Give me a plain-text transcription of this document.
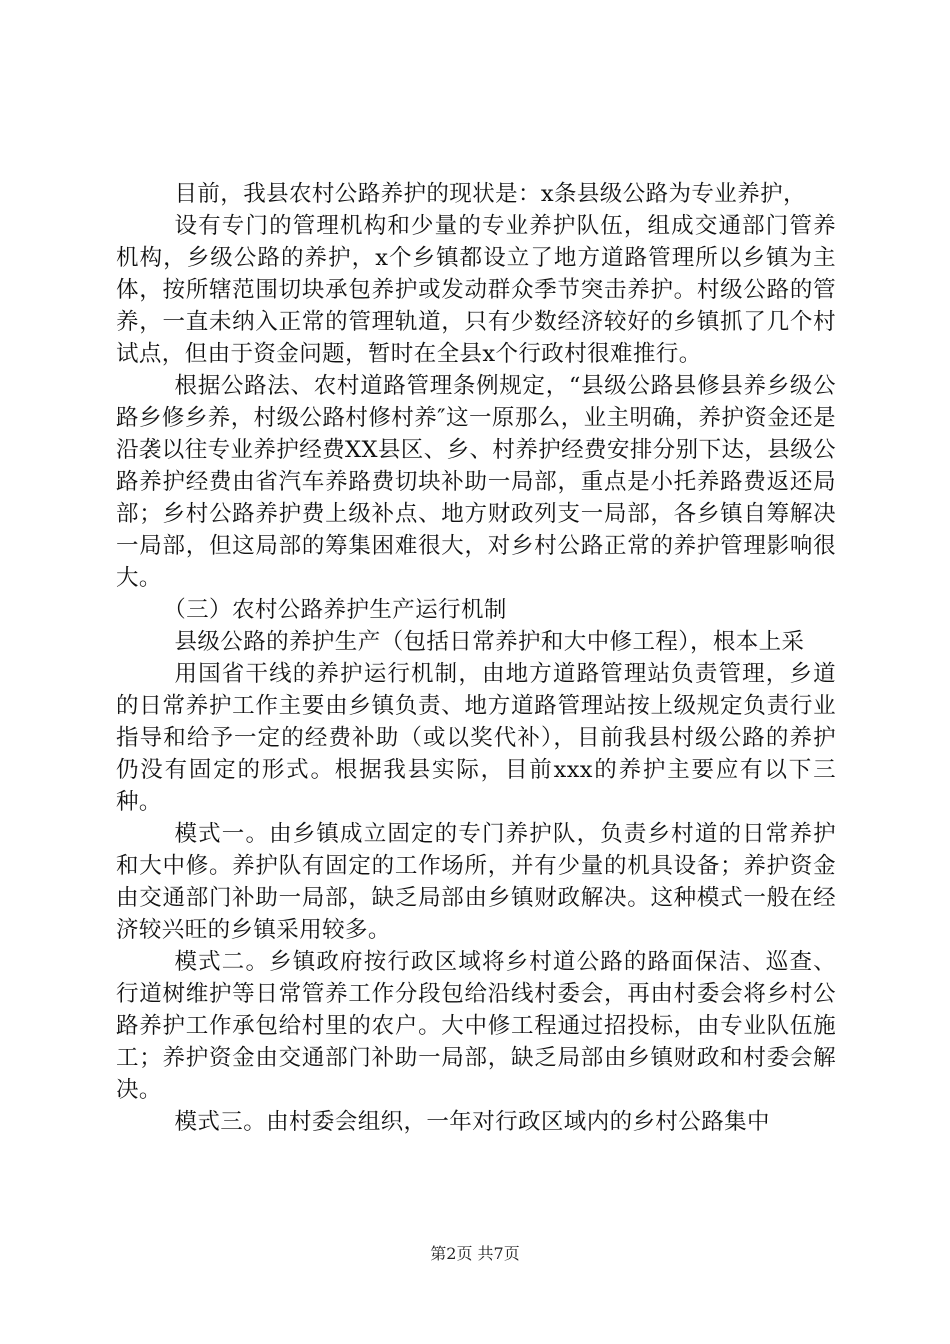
目前，我县农村公路养护的现状是：x条县级公路为专业养护，

设有专门的管理机构和少量的专业养护队伍，组成交通部门管养机构，乡级公路的养护，x个乡镇都设立了地方道路管理所以乡镇为主体，按所辖范围切块承包养护或发动群众季节突击养护。村级公路的管养，一直未纳入正常的管理轨道，只有少数经济较好的乡镇抓了几个村试点，但由于资金问题，暂时在全县x个行政村很难推行。

根据公路法、农村道路管理条例规定，“县级公路县修县养乡级公路乡修乡养，村级公路村修村养″这一原那么，业主明确，养护资金还是沿袭以往专业养护经费XX县区、乡、村养护经费安排分别下达，县级公路养护经费由省汽车养路费切块补助一局部，重点是小托养路费返还局部；乡村公路养护费上级补点、地方财政列支一局部，各乡镇自筹解决一局部，但这局部的筹集困难很大，对乡村公路正常的养护管理影响很大。

（三）农村公路养护生产运行机制

县级公路的养护生产（包括日常养护和大中修工程），根本上采

用国省干线的养护运行机制，由地方道路管理站负责管理，乡道的日常养护工作主要由乡镇负责、地方道路管理站按上级规定负责行业指导和给予一定的经费补助（或以奖代补），目前我县村级公路的养护仍没有固定的形式。根据我县实际，目前xxx的养护主要应有以下三种。

模式一。由乡镇成立固定的专门养护队，负责乡村道的日常养护和大中修。养护队有固定的工作场所，并有少量的机具设备；养护资金由交通部门补助一局部，缺乏局部由乡镇财政解决。这种模式一般在经济较兴旺的乡镇采用较多。

模式二。乡镇政府按行政区域将乡村道公路的路面保洁、巡查、行道树维护等日常管养工作分段包给沿线村委会，再由村委会将乡村公路养护工作承包给村里的农户。大中修工程通过招投标，由专业队伍施工；养护资金由交通部门补助一局部，缺乏局部由乡镇财政和村委会解决。

模式三。由村委会组织，一年对行政区域内的乡村公路集中

第2页 共7页
